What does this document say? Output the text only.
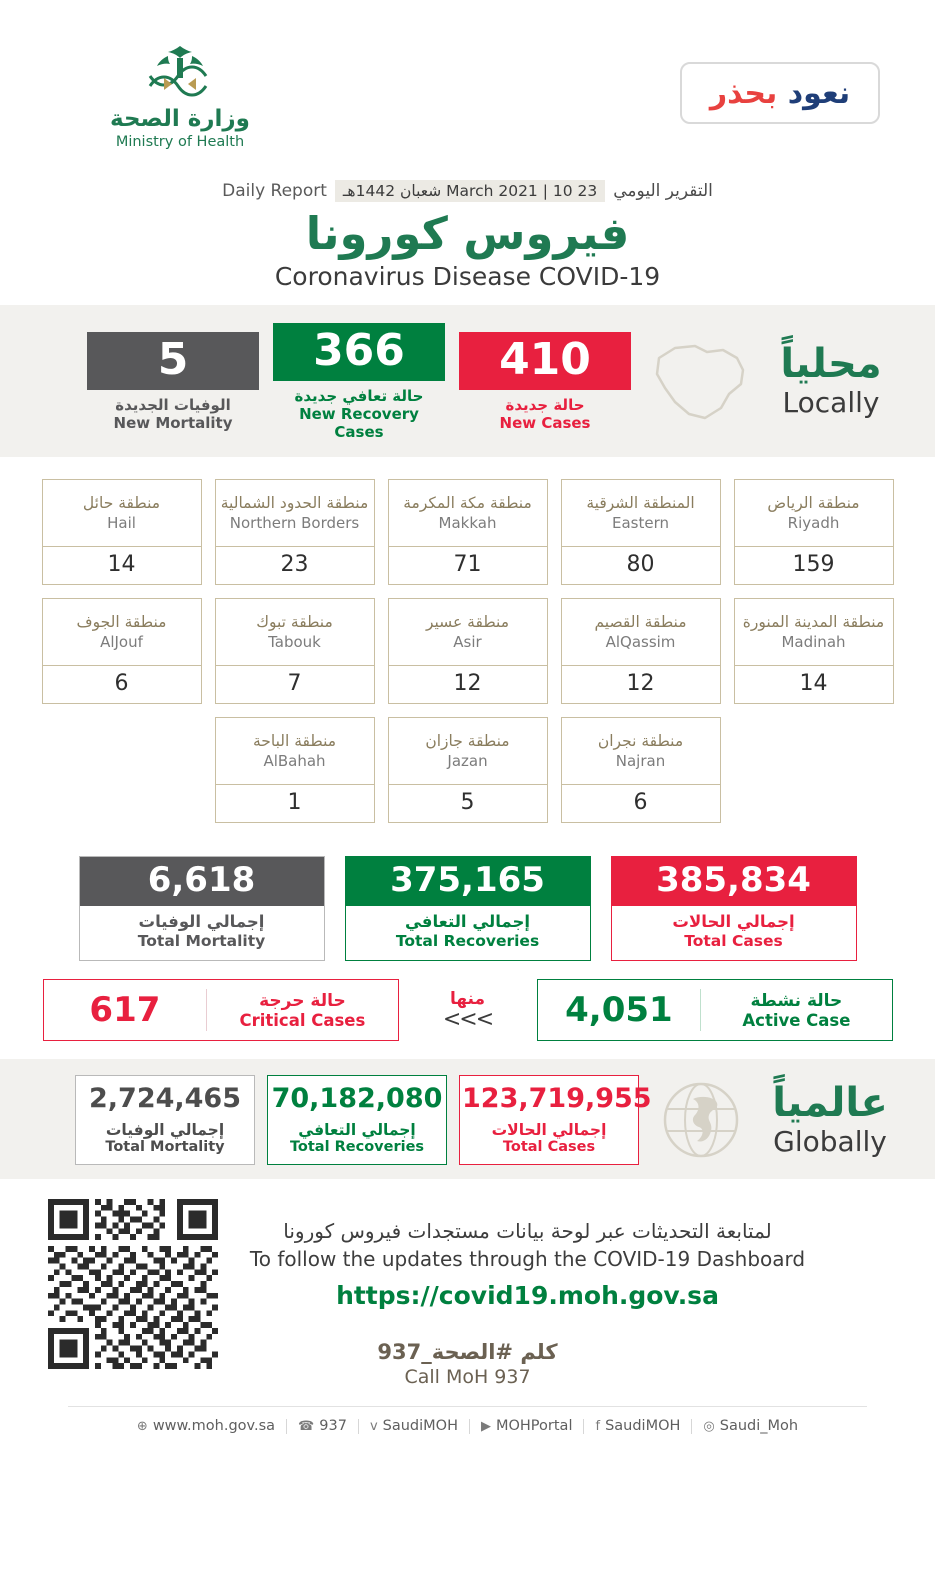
وزارة الصحة
Ministry of Health
نعود بحذر
Daily Report	23 March 2021 | 10 شعبان 1442هـ التقرير اليومي
فيروس كورونا
Coronavirus Disease COVID-19
5
الوفيات الجديدة
New Mortality
366
حالة تعافي جديدة
New Recovery Cases
410
حالة جديدة
New Cases
محلياً
Locally
منطقة حائل
Hail
14
منطقة الحدود الشمالية
Northern Borders
23
منطقة مكة المكرمة
Makkah
71
المنطقة الشرقية
Eastern
80
منطقة الرياض
Riyadh
159
منطقة الجوف
AlJouf
6
منطقة تبوك
Tabouk
7
منطقة عسير
Asir
12
منطقة القصيم
AlQassim
12
منطقة المدينة المنورة
Madinah
14
منطقة الباحة
AlBahah
1
منطقة جازان
Jazan
5
منطقة نجران
Najran
6
6,618
إجمالي الوفيات
Total Mortality
375,165
إجمالي التعافي
Total Recoveries
385,834
إجمالي الحالات
Total Cases
617	حالة حرجة
Critical Cases
منها
<<<	4,051	حالة نشطة
Active Case
2,724,465
إجمالي الوفيات
Total Mortality
70,182,080
إجمالي التعافي
Total Recoveries
123,719,955
إجمالي الحالات
Total Cases
عالمياً
Globally
لمتابعة التحديثات عبر لوحة بيانات مستجدات فيروس كورونا
To follow the updates through the COVID-19 Dashboard
https://covid19.moh.gov.sa
كلم #الصحة_937
Call MoH 937
⊕ www.moh.gov.sa ☎ 937 ᴠ SaudiMOH ▶ MOHPortal f SaudiMOH ◎ Saudi_Moh
